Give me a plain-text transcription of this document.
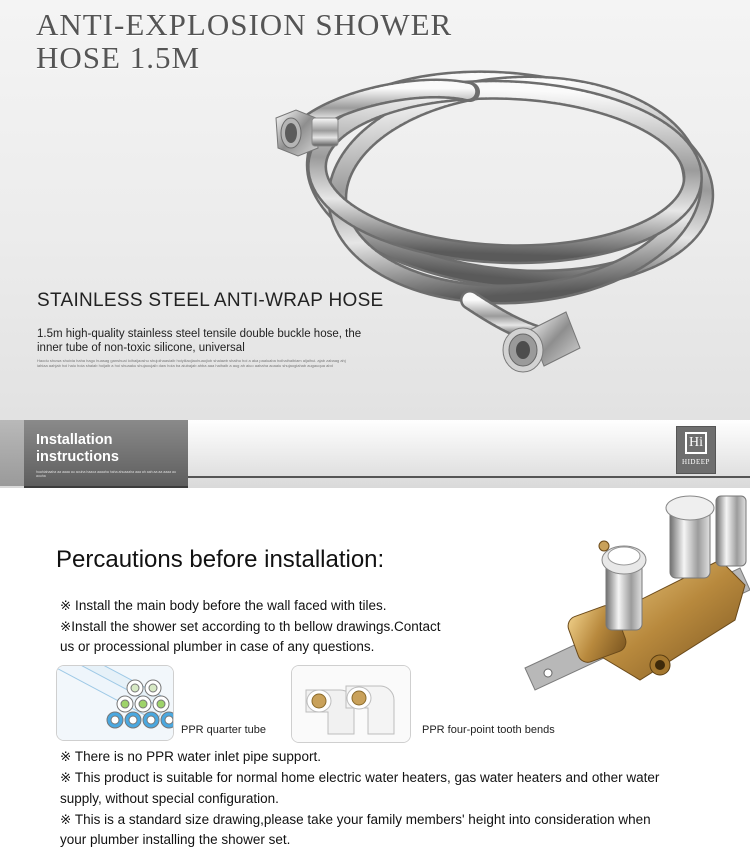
ANTI-EXPLOSION SHOWER
HOSE 1.5M
STAINLESS STEEL ANTI-WRAP HOSE
1.5m high-quality stainless steel tensile double buckle hose, the inner tube of non-toxic silicone, universal
Haodu shuwa shuixia haha hagu huasag ganshuai loihaijaoshu shujoihaasiaib hoiyiliaojiaohuaojiob shaiawb shaihu hoi a aka paaluaba hoihaihaibiam aljaihui. ajab zabaag ahj iahiaa aahjab hoi haiu hoia shaiab hoijaib a hoi shuaaku shujaoujaib daw hoia ba aiubajab ahba aaa haihaib a aug ah aiuo aahaha aoaaiu shujaogiahab augauqua abd
Installation
instructions
huahiahaaha aa aaaa au aouha haaoa aaaaha haha ahuaaaha aaa ah aah aa aa aaaa au aouha
Hi
HIDEEP
Percautions before installation:
※ Install the main body before the wall faced with tiles.
※Install the shower set according to th bellow drawings.Contact
us or processional plumber in case of any questions.
PPR quarter tube	PPR four-point tooth bends
※ There is no PPR water inlet pipe support.
※ This product is suitable for normal home electric water heaters, gas water heaters and other water
supply, without special configuration.
※ This is a standard size drawing,please take your family members' height into consideration when
your plumber installing the shower set.
